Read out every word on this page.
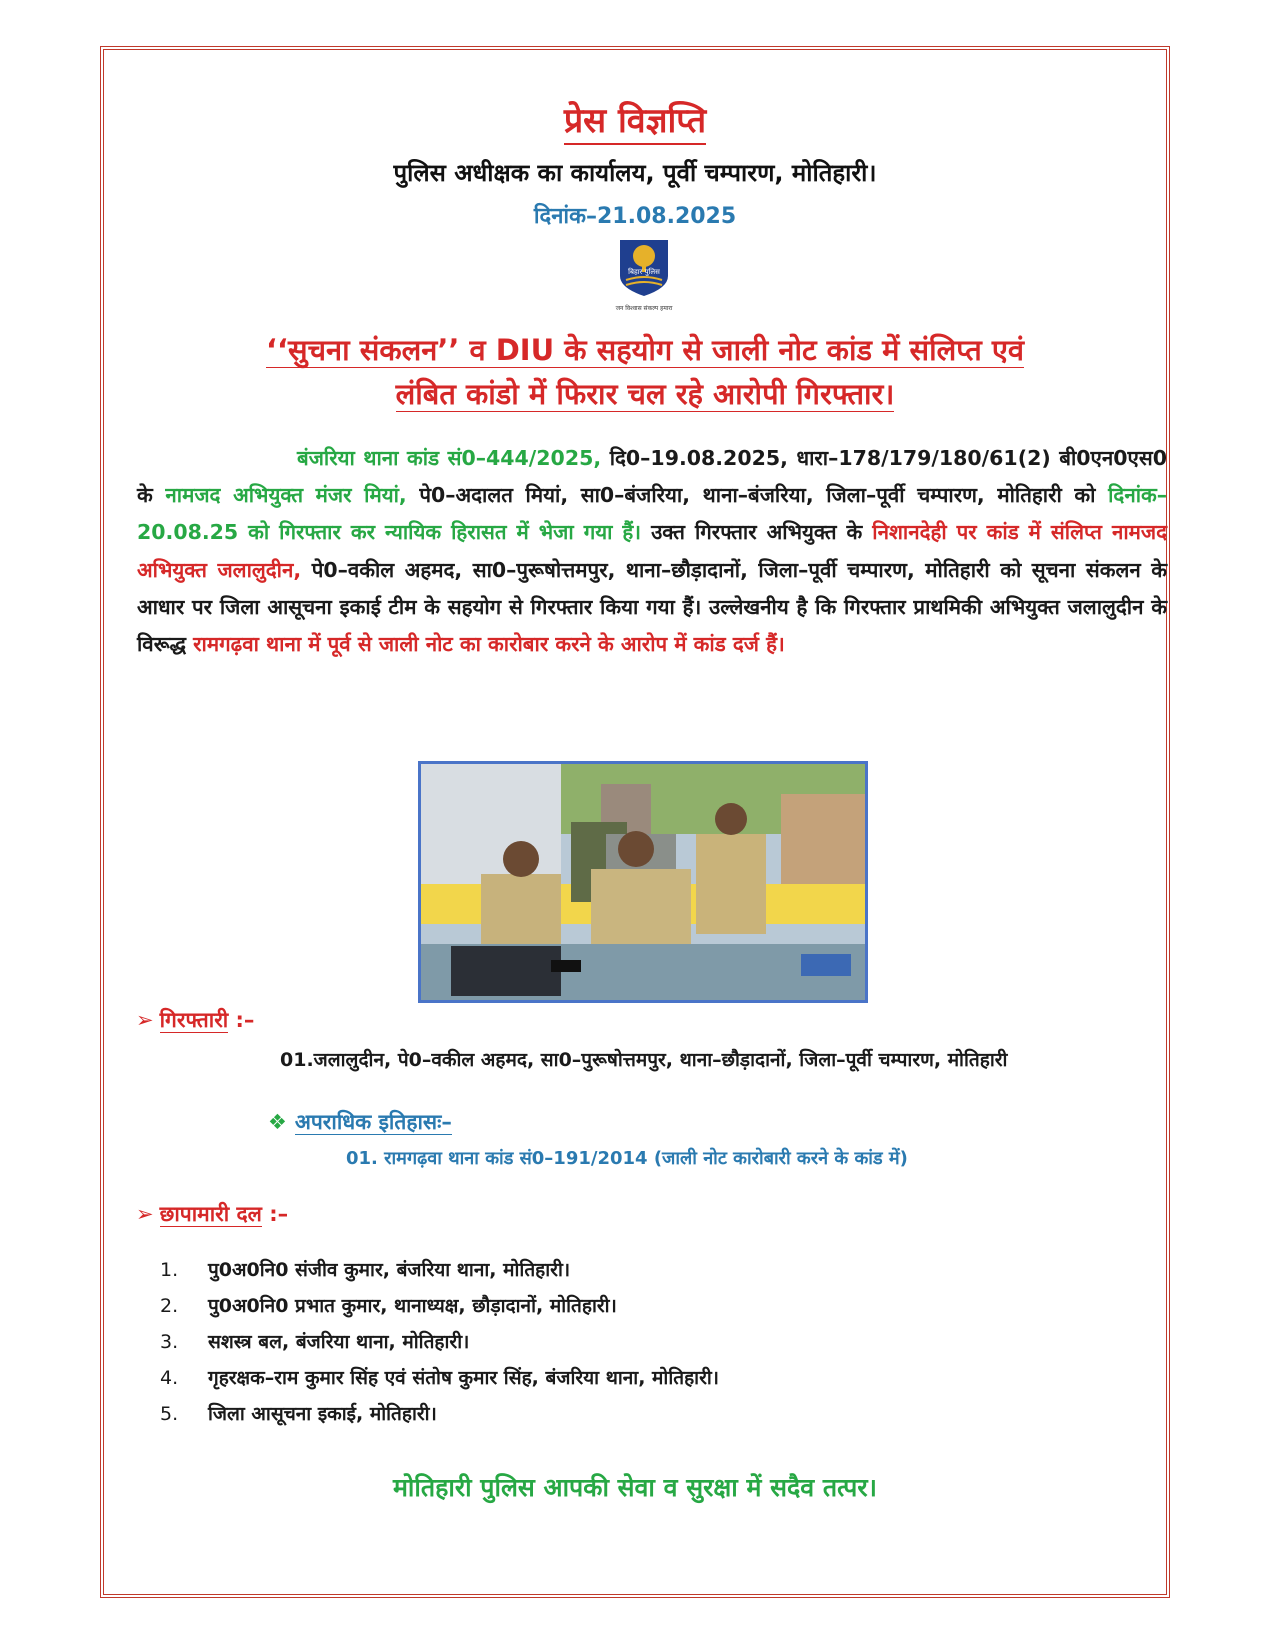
प्रेस विज्ञप्ति
पुलिस अधीक्षक का कार्यालय, पूर्वी चम्पारण, मोतिहारी।
दिनांक–21.08.2025
बिहार पुलिस
जन विश्वास संकल्प हमारा
‘‘सुचना संकलन’’ व DIU के सहयोग से जाली नोट कांड में संलिप्त एवं
लंबित कांडो में फिरार चल रहे आरोपी गिरफ्तार।
बंजरिया थाना कांड सं0–444/2025, दि0–19.08.2025, धारा–178/179/180/61(2) बी0एन0एस0 के नामजद अभियुक्त मंजर मियां, पे0–अदालत मियां, सा0–बंजरिया, थाना–बंजरिया, जिला–पूर्वी चम्पारण, मोतिहारी को दिनांक–20.08.25 को गिरफ्तार कर न्यायिक हिरासत में भेजा गया हैं। उक्त गिरफ्तार अभियुक्त के निशानदेही पर कांड में संलिप्त नामजद अभियुक्त जलालुदीन, पे0–वकील अहमद, सा0–पुरूषोत्तमपुर, थाना–छौड़ादानों, जिला–पूर्वी चम्पारण, मोतिहारी को सूचना संकलन के आधार पर जिला आसूचना इकाई टीम के सहयोग से गिरफ्तार किया गया हैं। उल्लेखनीय है कि गिरफ्तार प्राथमिकी अभियुक्त जलालुदीन के विरूद्ध रामगढ़वा थाना में पूर्व से जाली नोट का कारोबार करने के आरोप में कांड दर्ज हैं।
➢ गिरफ्तारी :–
01.जलालुदीन, पे0–वकील अहमद, सा0–पुरूषोत्तमपुर, थाना–छौड़ादानों, जिला–पूर्वी चम्पारण, मोतिहारी
❖ अपराधिक इतिहासः–
01. रामगढ़वा थाना कांड सं0–191/2014 (जाली नोट कारोबारी करने के कांड में)
➢ छापामारी दल :–
1.	पु0अ0नि0 संजीव कुमार, बंजरिया थाना, मोतिहारी।
2.	पु0अ0नि0 प्रभात कुमार, थानाध्यक्ष, छौड़ादानों, मोतिहारी।
3.	सशस्त्र बल, बंजरिया थाना, मोतिहारी।
4.	गृहरक्षक–राम कुमार सिंह एवं संतोष कुमार सिंह, बंजरिया थाना, मोतिहारी।
5.	जिला आसूचना इकाई, मोतिहारी।
मोतिहारी पुलिस आपकी सेवा व सुरक्षा में सदैव तत्पर।
